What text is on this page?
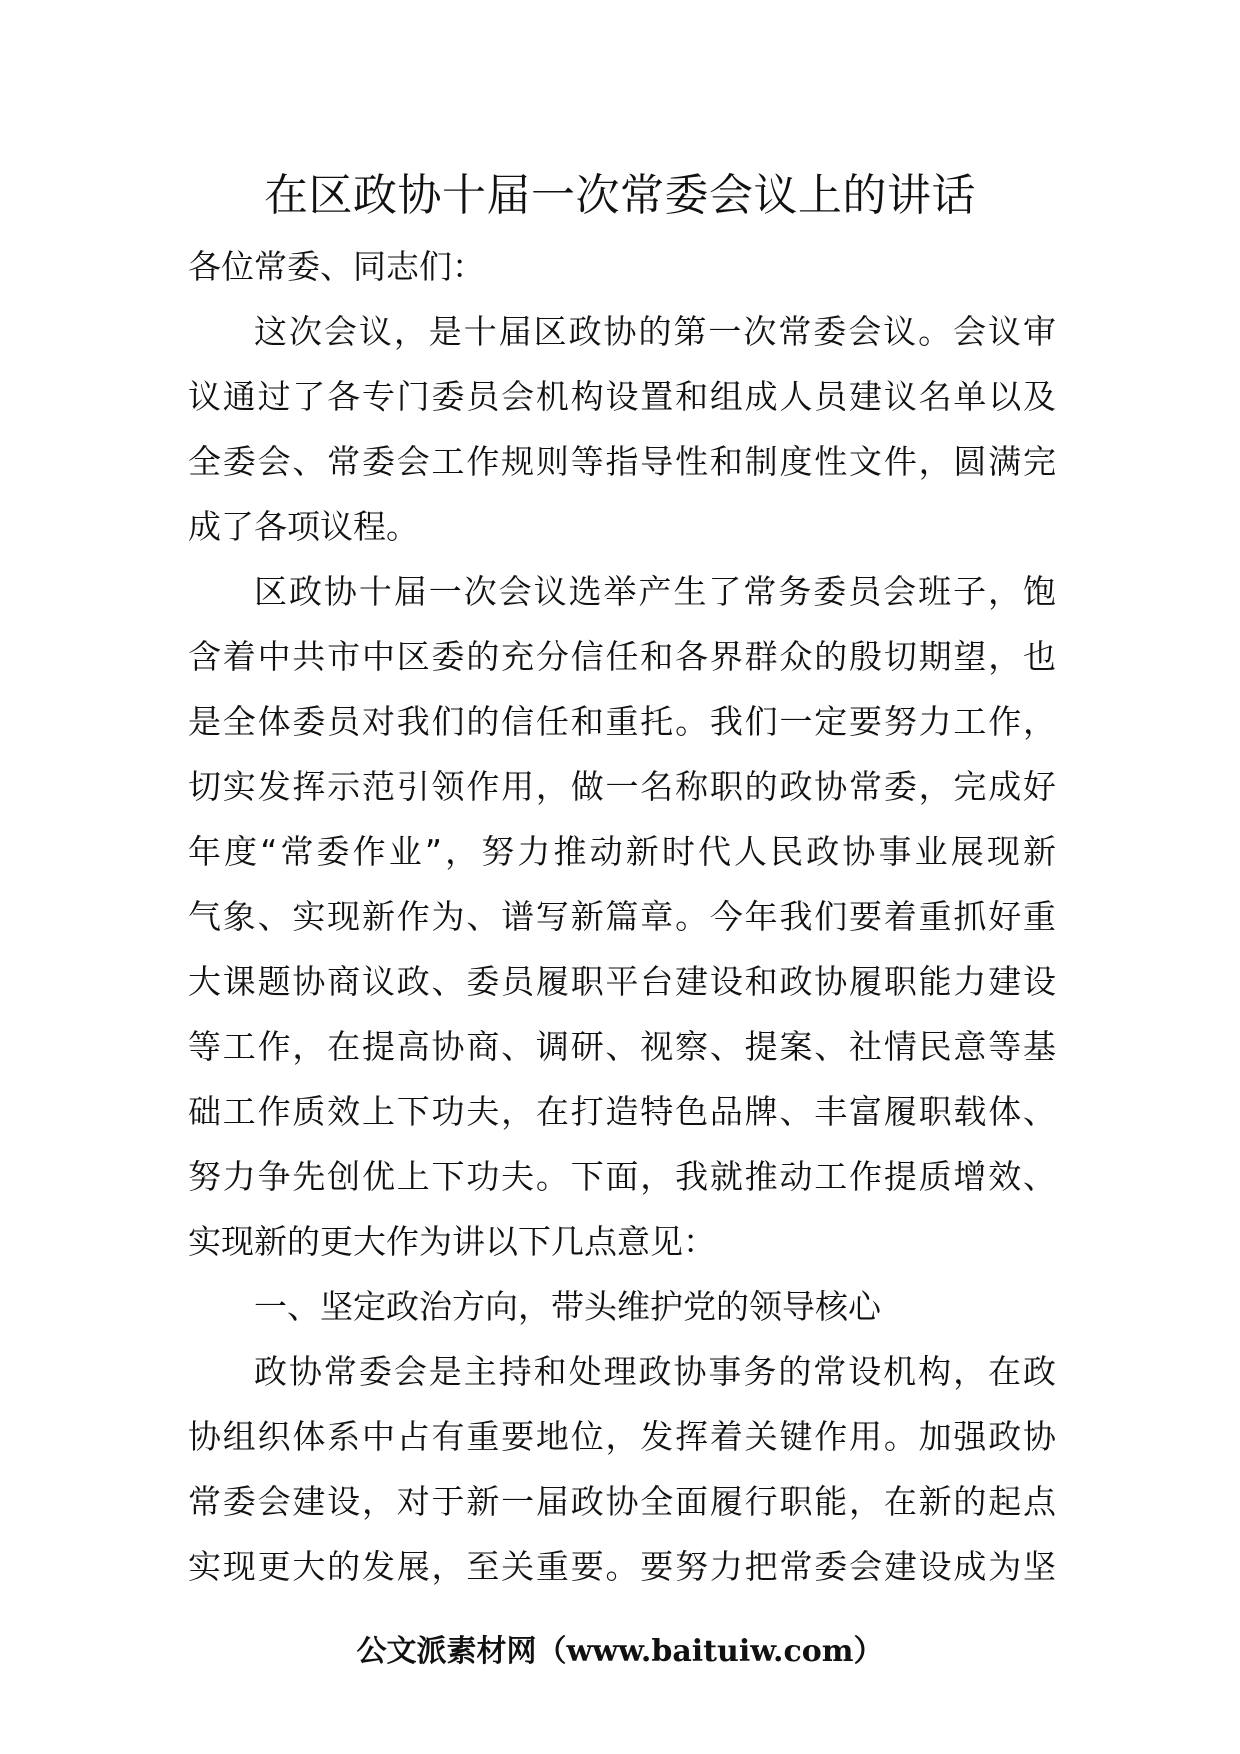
在区政协十届一次常委会议上的讲话
各位常委、同志们：
这次会议，是十届区政协的第一次常委会议。会议审
议通过了各专门委员会机构设置和组成人员建议名单以及
全委会、常委会工作规则等指导性和制度性文件，圆满完
成了各项议程。
区政协十届一次会议选举产生了常务委员会班子，饱
含着中共市中区委的充分信任和各界群众的殷切期望，也
是全体委员对我们的信任和重托。我们一定要努力工作，
切实发挥示范引领作用，做一名称职的政协常委，完成好
年度“常委作业”，努力推动新时代人民政协事业展现新
气象、实现新作为、谱写新篇章。今年我们要着重抓好重
大课题协商议政、委员履职平台建设和政协履职能力建设
等工作，在提高协商、调研、视察、提案、社情民意等基
础工作质效上下功夫，在打造特色品牌、丰富履职载体、
努力争先创优上下功夫。下面，我就推动工作提质增效、
实现新的更大作为讲以下几点意见：
一、坚定政治方向，带头维护党的领导核心
政协常委会是主持和处理政协事务的常设机构，在政
协组织体系中占有重要地位，发挥着关键作用。加强政协
常委会建设，对于新一届政协全面履行职能，在新的起点
实现更大的发展，至关重要。要努力把常委会建设成为坚
公文派素材网（www.baituiw.com）
